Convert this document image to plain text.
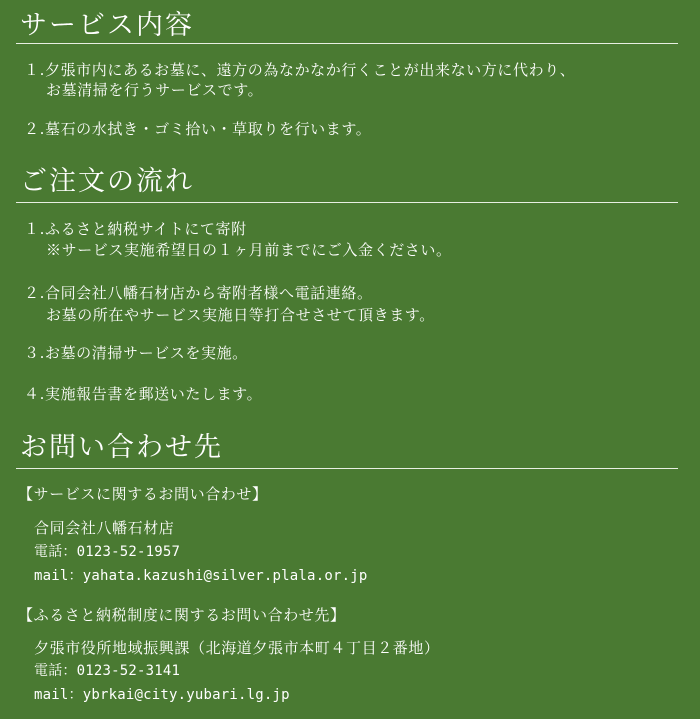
サービス内容
１.夕張市内にあるお墓に、遠方の為なかなか行くことが出来ない方に代わり、
お墓清掃を行うサービスです。
２.墓石の水拭き・ゴミ拾い・草取りを行います。
ご注文の流れ
１.ふるさと納税サイトにて寄附
※サービス実施希望日の１ヶ月前までにご入金ください。
２.合同会社八幡石材店から寄附者様へ電話連絡。
お墓の所在やサービス実施日等打合せさせて頂きます。
３.お墓の清掃サービスを実施。
４.実施報告書を郵送いたします。
お問い合わせ先
【サービスに関するお問い合わせ】
合同会社八幡石材店
電話：0123-52-1957
mail：yahata.kazushi@silver.plala.or.jp
【ふるさと納税制度に関するお問い合わせ先】
夕張市役所地域振興課（北海道夕張市本町４丁目２番地）
電話：0123-52-3141
mail：ybrkai@city.yubari.lg.jp
